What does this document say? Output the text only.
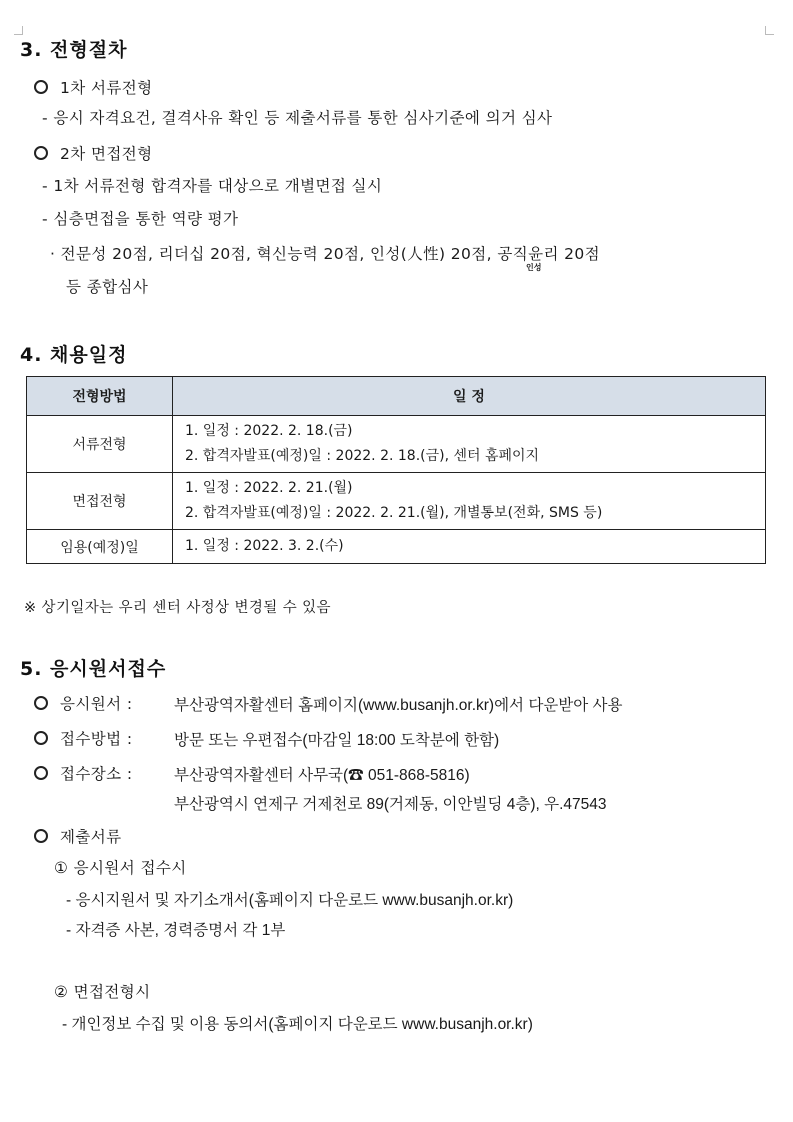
3. 전형절차
1차 서류전형
- 응시 자격요건, 결격사유 확인 등 제출서류를 통한 심사기준에 의거 심사
2차 면접전형
- 1차 서류전형 합격자를 대상으로 개별면접 실시
- 심층면접을 통한 역량 평가
· 전문성 20점, 리더십 20점, 혁신능력 20점, 인성(人性) 20점, 공직윤리 20점
인성
등 종합심사
4. 채용일정
전형방법	일 정
서류전형	1. 일정 : 2022. 2. 18.(금)
2. 합격자발표(예정)일 : 2022. 2. 18.(금), 센터 홈페이지

면접전형	1. 일정 : 2022. 2. 21.(월)
2. 합격자발표(예정)일 : 2022. 2. 21.(월), 개별통보(전화, SMS 등)

임용(예정)일	1. 일정 : 2022. 3. 2.(수)
※ 상기일자는 우리 센터 사정상 변경될 수 있음
5. 응시원서접수
응시원서 :	부산광역자활센터 홈페이지(www.busanjh.or.kr)에서 다운받아 사용
접수방법 :	방문 또는 우편접수(마감일 18:00 도착분에 한함)
접수장소 :	부산광역자활센터 사무국(☎ 051-868-5816)
부산광역시 연제구 거제천로 89(거제동, 이안빌딩 4층), 우.47543
제출서류
① 응시원서 접수시
- 응시지원서 및 자기소개서(홈페이지 다운로드 www.busanjh.or.kr)
- 자격증 사본, 경력증명서 각 1부
② 면접전형시
- 개인정보 수집 및 이용 동의서(홈페이지 다운로드 www.busanjh.or.kr)
